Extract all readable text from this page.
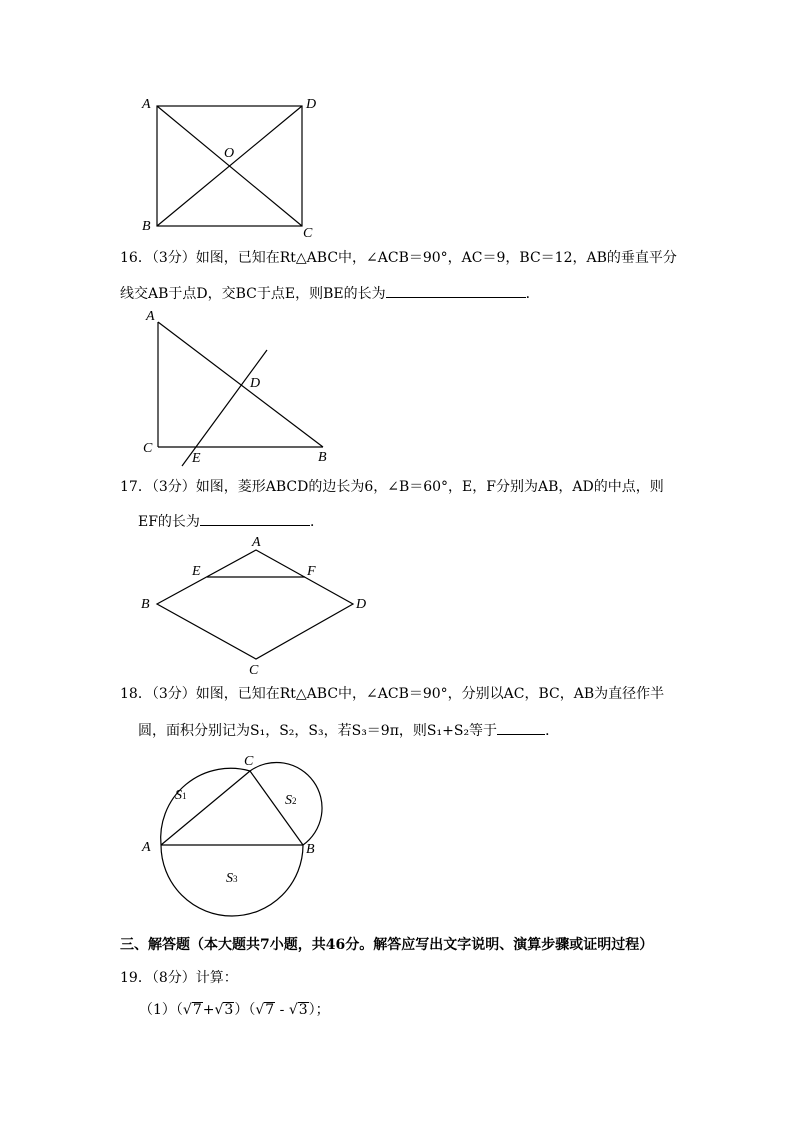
A	D
O
B	C
16．（3分）如图，已知在Rt△ABC中，∠ACB＝90°，AC＝9，BC＝12，AB的垂直平分
线交AB于点D，交BC于点E，则BE的长为	．
A
D
C
E	B
17．（3分）如图，菱形ABCD的边长为6，∠B＝60°，E，F分别为AB，AD的中点，则
EF的长为	．
A
E	F
B	D
C
18．（3分）如图，已知在Rt△ABC中，∠ACB＝90°，分别以AC，BC，AB为直径作半
圆，面积分别记为S₁，S₂，S₃，若S₃＝9π，则S₁+S₂等于	．
C
S1	S2
A	B
S3
三、解答题（本大题共7小题，共46分。解答应写出文字说明、演算步骤或证明过程）
19．（8分）计算：
（1）（√7+√3）（√7 - √3）；
